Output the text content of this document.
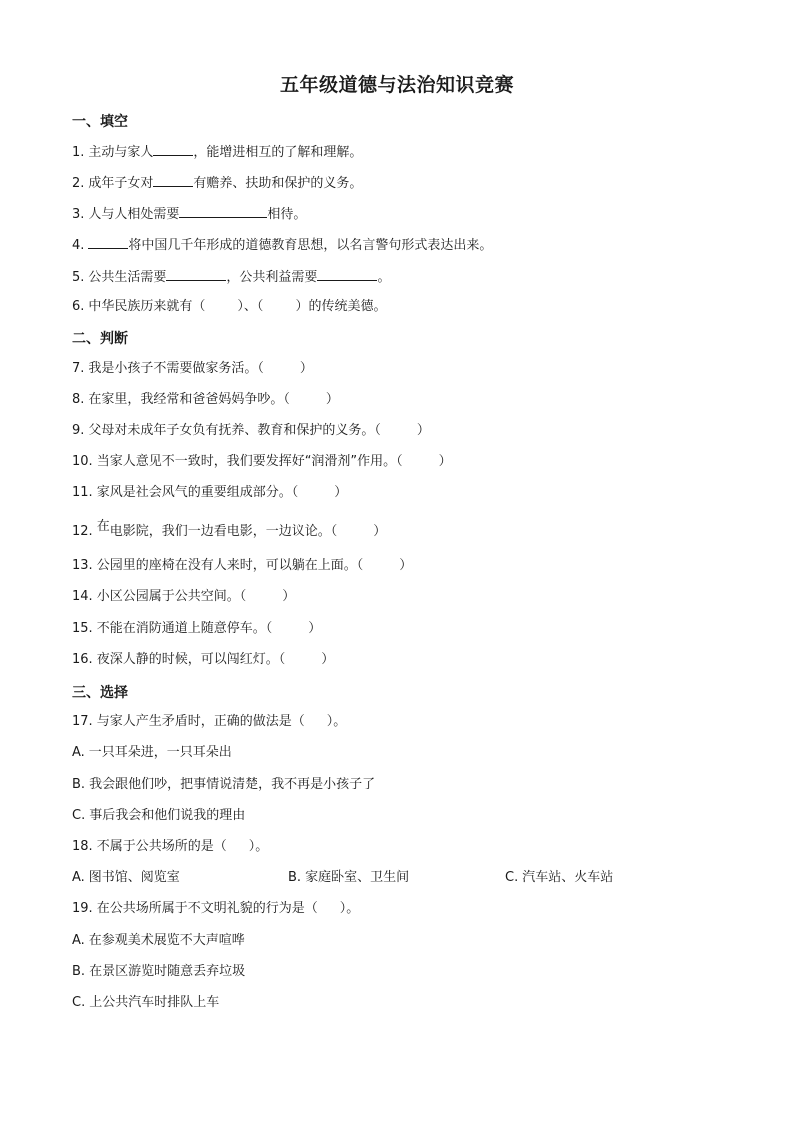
五年级道德与法治知识竞赛
一、填空
1. 主动与家人	，能增进相互的了解和理解。
2. 成年子女对	有赡养、扶助和保护的义务。
3. 人与人相处需要	相待。
4.	将中国几千年形成的道德教育思想，以名言警句形式表达出来。
5. 公共生活需要	，公共利益需要	。
6. 中华民族历来就有（ ）、（ ）的传统美德。
二、判断
7. 我是小孩子不需要做家务活。（	）
8. 在家里，我经常和爸爸妈妈争吵。（	）
9. 父母对未成年子女负有抚养、教育和保护的义务。（	）
10. 当家人意见不一致时，我们要发挥好“润滑剂”作用。（	）
11. 家风是社会风气的重要组成部分。（	）
12. 在电影院，我们一边看电影，一边议论。（	）
13. 公园里的座椅在没有人来时，可以躺在上面。（	）
14. 小区公园属于公共空间。（	）
15. 不能在消防通道上随意停车。（	）
16. 夜深人静的时候，可以闯红灯。（	）
三、选择
17. 与家人产生矛盾时，正确的做法是（ ）。
A. 一只耳朵进，一只耳朵出
B. 我会跟他们吵，把事情说清楚，我不再是小孩子了
C. 事后我会和他们说我的理由
18. 不属于公共场所的是（ ）。
A. 图书馆、阅览室	B. 家庭卧室、卫生间	C. 汽车站、火车站
19. 在公共场所属于不文明礼貌的行为是（ ）。
A. 在参观美术展览不大声喧哗
B. 在景区游览时随意丢弃垃圾
C. 上公共汽车时排队上车
